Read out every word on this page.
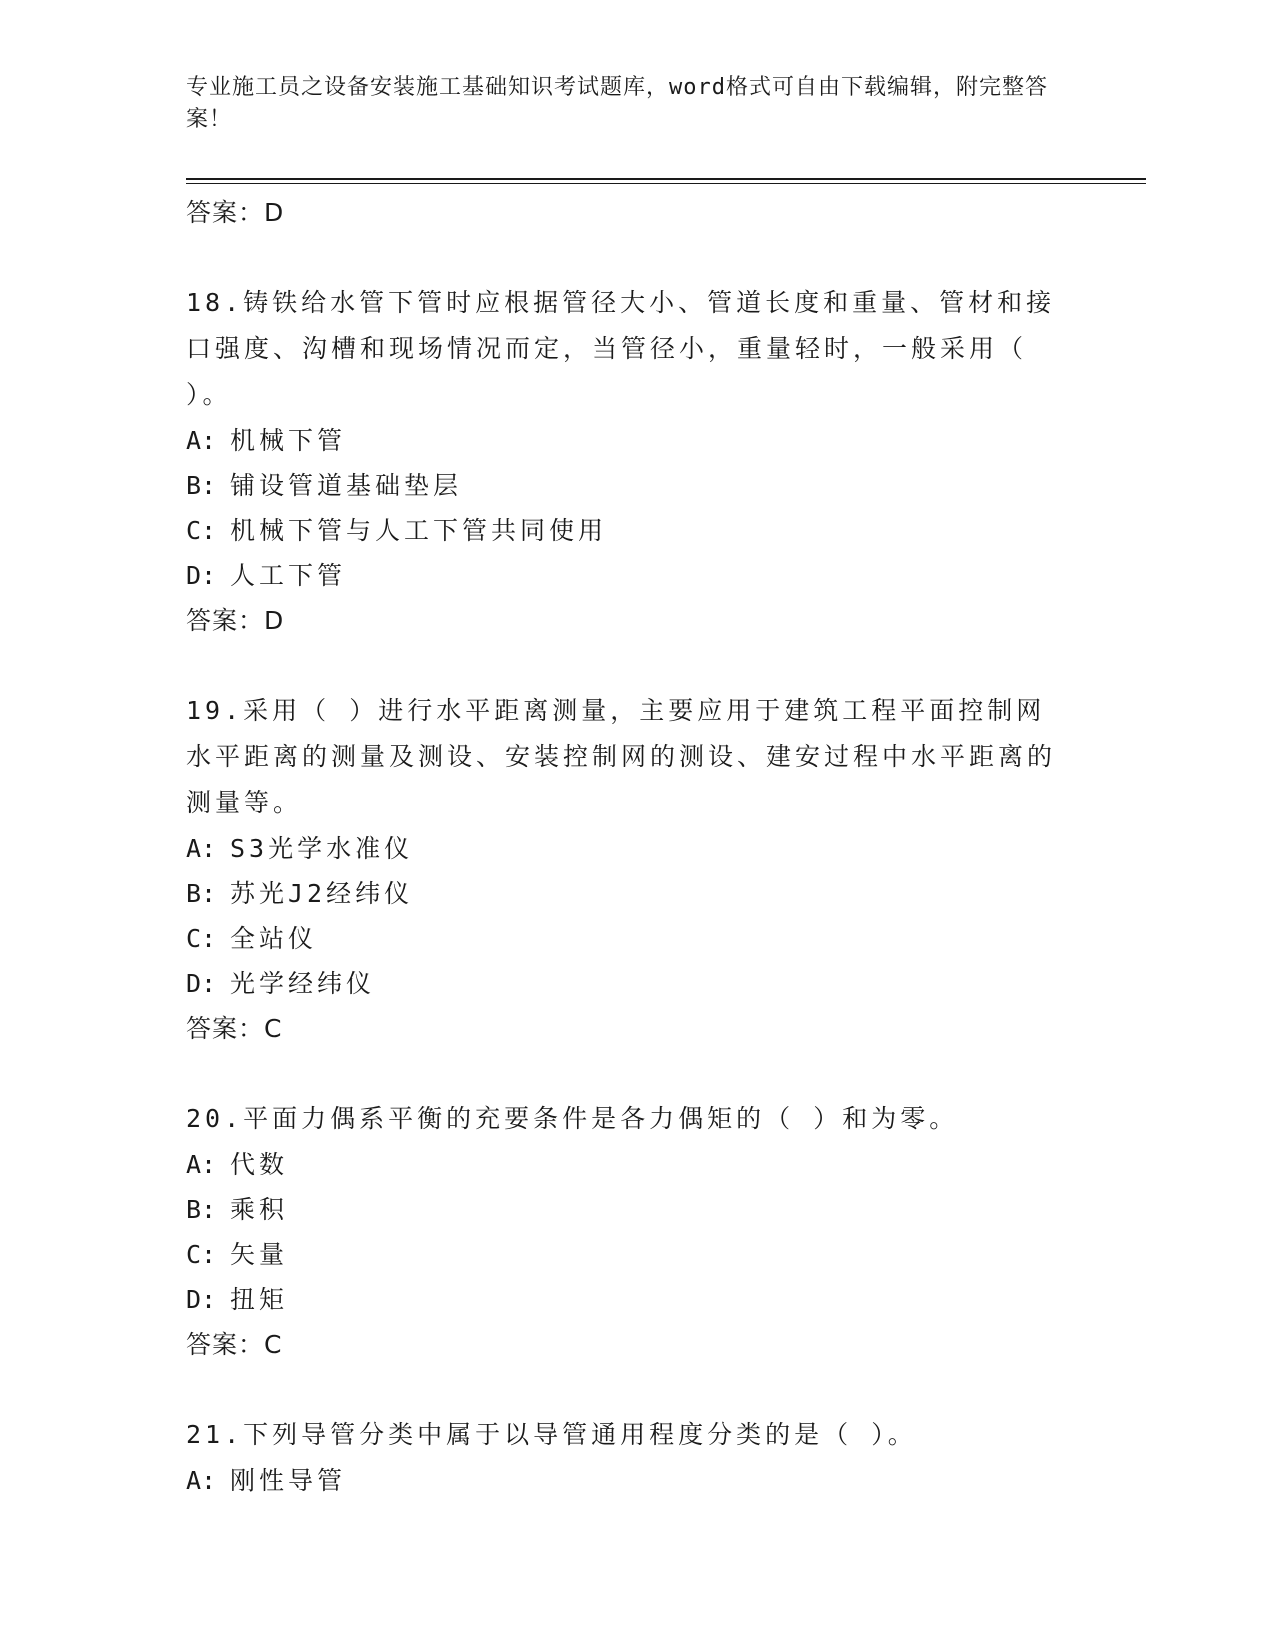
专业施工员之设备安装施工基础知识考试题库，word格式可自由下载编辑，附完整答案！
答案：D
18.铸铁给水管下管时应根据管径大小、管道长度和重量、管材和接口强度、沟槽和现场情况而定，当管径小，重量轻时，一般采用（ ）。
A: 机械下管
B: 铺设管道基础垫层
C: 机械下管与人工下管共同使用
D: 人工下管
答案：D
19.采用（ ）进行水平距离测量，主要应用于建筑工程平面控制网水平距离的测量及测设、安装控制网的测设、建安过程中水平距离的测量等。
A: S3光学水准仪
B: 苏光J2经纬仪
C: 全站仪
D: 光学经纬仪
答案：C
20.平面力偶系平衡的充要条件是各力偶矩的（ ）和为零。
A: 代数
B: 乘积
C: 矢量
D: 扭矩
答案：C
21.下列导管分类中属于以导管通用程度分类的是（ ）。
A: 刚性导管
